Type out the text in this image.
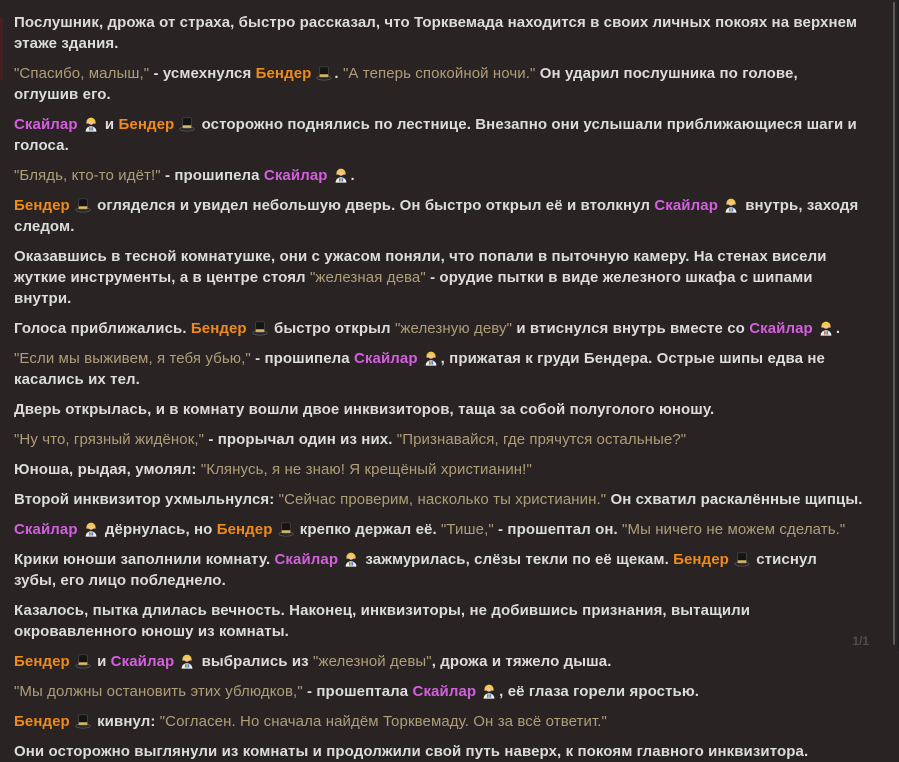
Послушник, дрожа от страха, быстро рассказал, что Торквемада находится в своих личных покоях на верхнем этаже здания.

"Спасибо, малыш," - усмехнулся Бендер . "А теперь спокойной ночи." Он ударил послушника по голове, оглушив его.

Скайлар
и Бендер
осторожно поднялись по лестнице. Внезапно они услышали приближающиеся шаги и голоса.

"Блядь, кто-то идёт!" - прошипела Скайлар .

Бендер
огляделся и увидел небольшую дверь. Он быстро открыл её и втолкнул Скайлар
внутрь, заходя следом.

Оказавшись в тесной комнатушке, они с ужасом поняли, что попали в пыточную камеру. На стенах висели жуткие инструменты, а в центре стоял "железная дева" - орудие пытки в виде железного шкафа с шипами внутри.

Голоса приближались. Бендер
быстро открыл "железную деву" и втиснулся внутрь вместе со Скайлар .

"Если мы выживем, я тебя убью," - прошипела Скайлар , прижатая к груди Бендера. Острые шипы едва не касались их тел.

Дверь открылась, и в комнату вошли двое инквизиторов, таща за собой полуголого юношу.

"Ну что, грязный жидёнок," - прорычал один из них. "Признавайся, где прячутся остальные?"

Юноша, рыдая, умолял: "Клянусь, я не знаю! Я крещёный христианин!"

Второй инквизитор ухмыльнулся: "Сейчас проверим, насколько ты христианин." Он схватил раскалённые щипцы.

Скайлар
дёрнулась, но Бендер
крепко держал её. "Тише," - прошептал он. "Мы ничего не можем сделать."

Крики юноши заполнили комнату. Скайлар
зажмурилась, слёзы текли по её щекам. Бендер
стиснул зубы, его лицо побледнело.

Казалось, пытка длилась вечность. Наконец, инквизиторы, не добившись признания, вытащили окровавленного юношу из комнаты.

Бендер
и Скайлар
выбрались из "железной девы", дрожа и тяжело дыша.

"Мы должны остановить этих ублюдков," - прошептала Скайлар , её глаза горели яростью.

Бендер
кивнул: "Согласен. Но сначала найдём Торквемаду. Он за всё ответит."

Они осторожно выглянули из комнаты и продолжили свой путь наверх, к покоям главного инквизитора.

1/1
